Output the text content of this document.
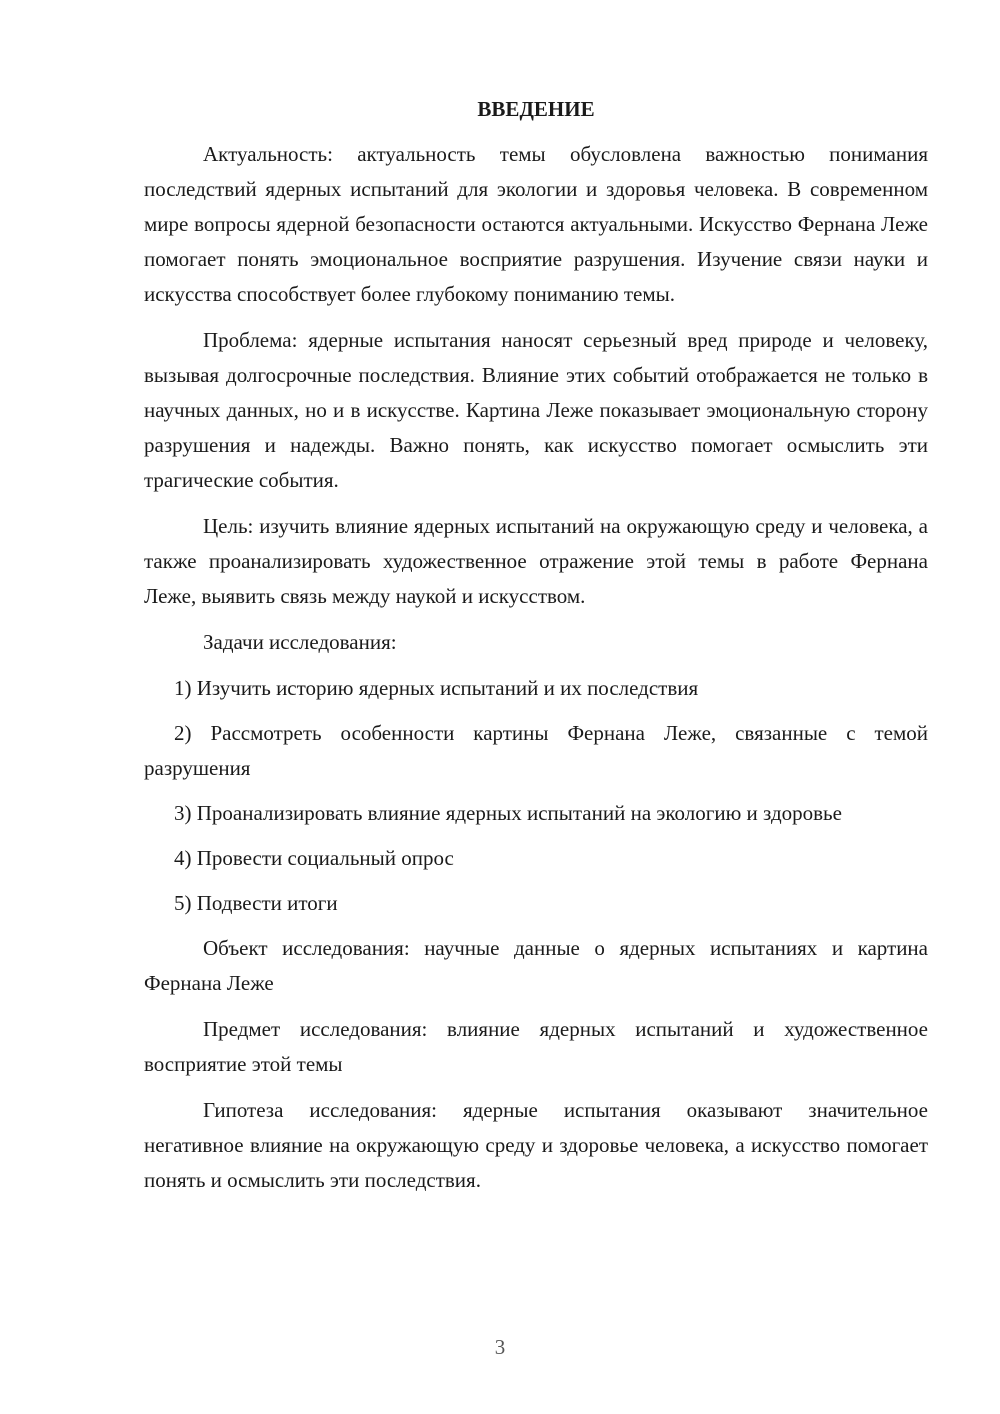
ВВЕДЕНИЕ

Актуальность: актуальность темы обусловлена важностью понимания последствий ядерных испытаний для экологии и здоровья человека. В современном мире вопросы ядерной безопасности остаются актуальными. Искусство Фернана Леже помогает понять эмоциональное восприятие разрушения. Изучение связи науки и искусства способствует более глубокому пониманию темы.

Проблема: ядерные испытания наносят серьезный вред природе и человеку, вызывая долгосрочные последствия. Влияние этих событий отображается не только в научных данных, но и в искусстве. Картина Леже показывает эмоциональную сторону разрушения и надежды. Важно понять, как искусство помогает осмыслить эти трагические события.

Цель: изучить влияние ядерных испытаний на окружающую среду и человека, а также проанализировать художественное отражение этой темы в работе Фернана Леже, выявить связь между наукой и искусством.

Задачи исследования:

1) Изучить историю ядерных испытаний и их последствия

2) Рассмотреть особенности картины Фернана Леже, связанные с темой разрушения

3) Проанализировать влияние ядерных испытаний на экологию и здоровье

4) Провести социальный опрос

5) Подвести итоги

Объект исследования: научные данные о ядерных испытаниях и картина Фернана Леже

Предмет исследования: влияние ядерных испытаний и художественное восприятие этой темы

Гипотеза исследования: ядерные испытания оказывают значительное негативное влияние на окружающую среду и здоровье человека, а искусство помогает понять и осмыслить эти последствия.

3
